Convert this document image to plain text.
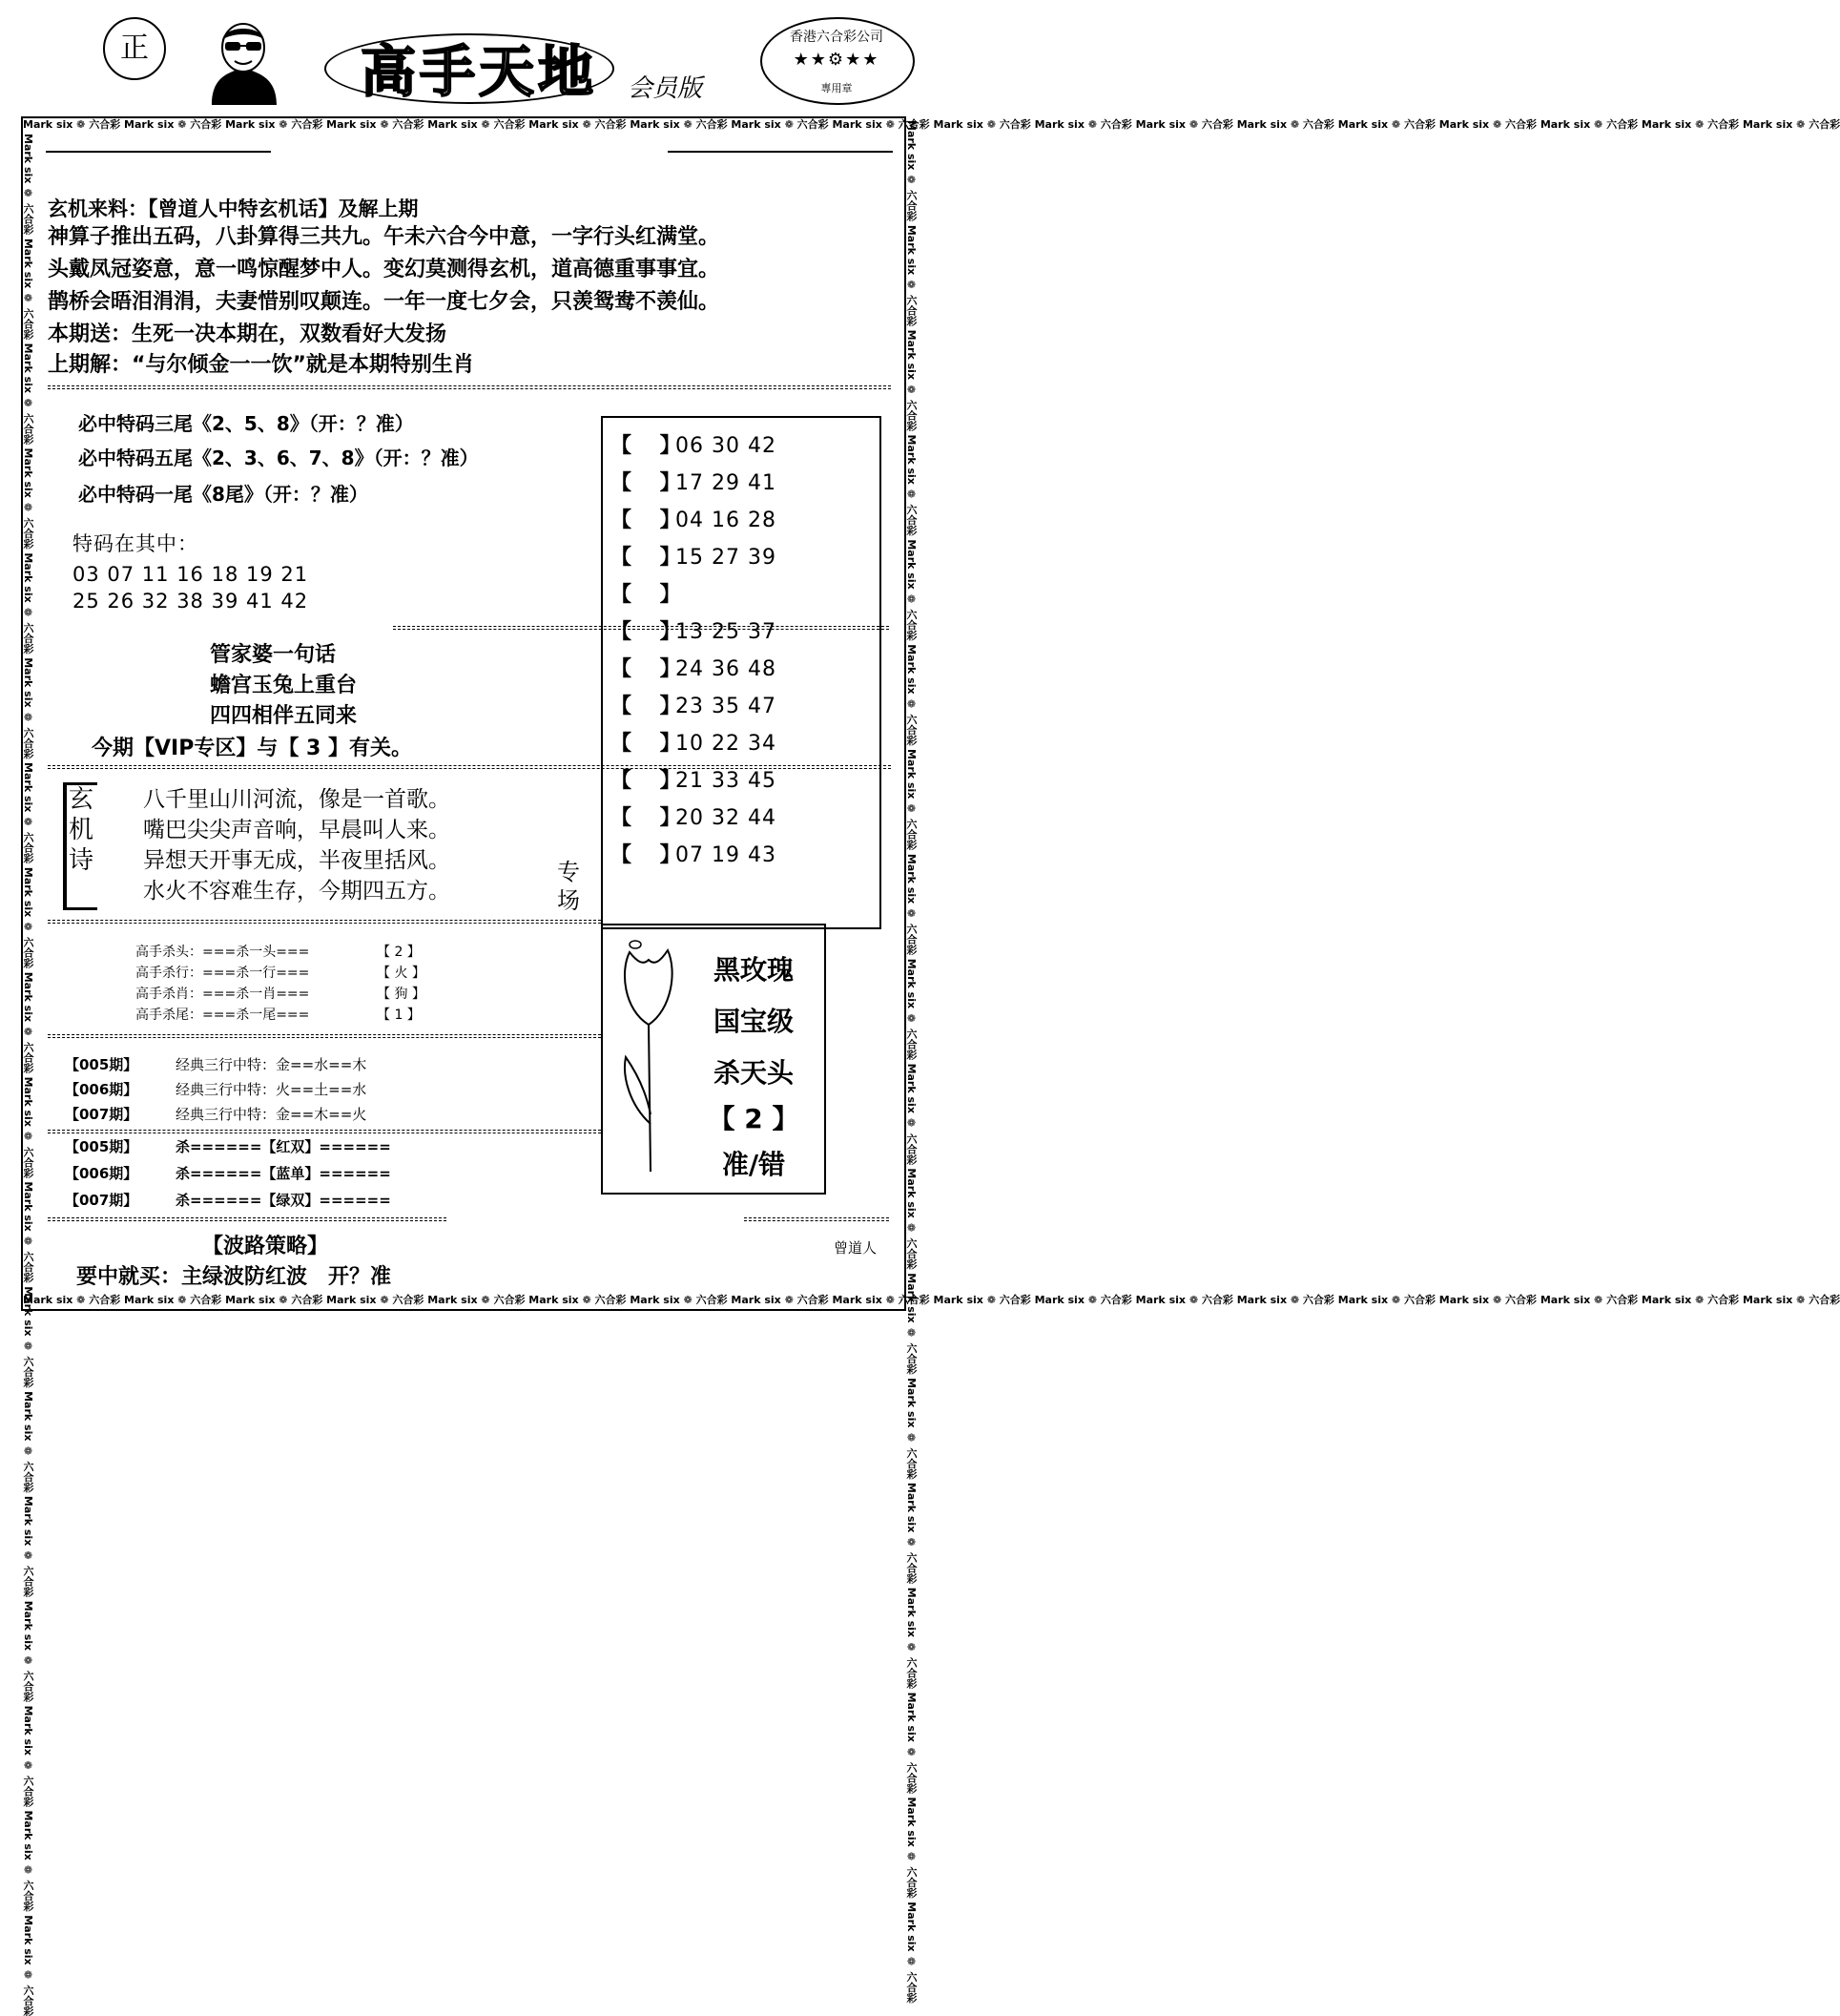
正	高手天地 会员版
香港六合彩公司
★★⚙★★
專用章
Mark six ❁ 六合彩 Mark six ❁ 六合彩 Mark six ❁ 六合彩 Mark six ❁ 六合彩 Mark six ❁ 六合彩 Mark six ❁ 六合彩 Mark six ❁ 六合彩 Mark six ❁ 六合彩 Mark six ❁ 六合彩 Mark six ❁ 六合彩 Mark six ❁ 六合彩 Mark six ❁ 六合彩 Mark six ❁ 六合彩 Mark six ❁ 六合彩 Mark six ❁ 六合彩 Mark six ❁ 六合彩 Mark six ❁ 六合彩 Mark six ❁ 六合彩
Mark six ❁ 六合彩 Mark six ❁ 六合彩 Mark six ❁ 六合彩 Mark six ❁ 六合彩 Mark six ❁ 六合彩 Mark six ❁ 六合彩 Mark six ❁ 六合彩 Mark six ❁ 六合彩 Mark six ❁ 六合彩 Mark six ❁ 六合彩 Mark six ❁ 六合彩 Mark six ❁ 六合彩 Mark six ❁ 六合彩 Mark six ❁ 六合彩 Mark six ❁ 六合彩 Mark six ❁ 六合彩 Mark six ❁ 六合彩 Mark six ❁ 六合彩
Mark six ❁ 六合彩 Mark six ❁ 六合彩 Mark six ❁ 六合彩 Mark six ❁ 六合彩 Mark six ❁ 六合彩 Mark six ❁ 六合彩 Mark six ❁ 六合彩 Mark six ❁ 六合彩 Mark six ❁ 六合彩 Mark six ❁ 六合彩 Mark six ❁ 六合彩 Mark six ❁ 六合彩 Mark six ❁ 六合彩 Mark six ❁ 六合彩 Mark six ❁ 六合彩 Mark six ❁ 六合彩 Mark six ❁ 六合彩 Mark six ❁ 六合彩	Mark six ❁ 六合彩 Mark six ❁ 六合彩 Mark six ❁ 六合彩 Mark six ❁ 六合彩 Mark six ❁ 六合彩 Mark six ❁ 六合彩 Mark six ❁ 六合彩 Mark six ❁ 六合彩 Mark six ❁ 六合彩 Mark six ❁ 六合彩 Mark six ❁ 六合彩 Mark six ❁ 六合彩 Mark six ❁ 六合彩 Mark six ❁ 六合彩 Mark six ❁ 六合彩 Mark six ❁ 六合彩 Mark six ❁ 六合彩 Mark six ❁ 六合彩
玄机来料：【曾道人中特玄机话】及解上期
神算子推出五码，八卦算得三共九。午未六合今中意，一字行头红满堂。
头戴凤冠姿意，意一鸣惊醒梦中人。变幻莫测得玄机，道高德重事事宜。
鹊桥会晤泪涓涓，夫妻惜别叹颠连。一年一度七夕会，只羡鸳鸯不羡仙。
本期送：生死一决本期在，双数看好大发扬
上期解：“与尔倾金一一饮”就是本期特别生肖
必中特码三尾《2、5、8》（开：？准）
必中特码五尾《2、3、6、7、8》（开：？准）
必中特码一尾《8尾》（开：？准）
特码在其中：
03 07 11 16 18 19 21
25 26 32 38 39 41 42
管家婆一句话
蟾宫玉兔上重台
四四相伴五同来
今期【VIP专区】与【 3 】有关。
【　 】06 30 42
【　 】17 29 41
【　 】04 16 28
【　 】15 27 39
【　 】
【　 】13 25 37
【　 】24 36 48
【　 】23 35 47
【　 】10 22 34
【　 】21 33 45
【　 】20 32 44
【　 】07 19 43
玄
机
诗
八千里山川河流，像是一首歌。
嘴巴尖尖声音响，早晨叫人来。
异想天开事无成，半夜里括风。
水火不容难生存，今期四五方。
专
场
高手杀头：===杀一头===	【 2 】
高手杀行：===杀一行===	【 火 】
高手杀肖：===杀一肖===	【 狗 】
高手杀尾：===杀一尾===	【 1 】
黑玫瑰
国宝级
杀天头
【 2 】
准/错
【005期】	经典三行中特：金==水==木
【006期】	经典三行中特：火==土==水
【007期】	经典三行中特：金==木==火
【005期】	杀======【红双】======
【006期】	杀======【蓝单】======
【007期】	杀======【绿双】======
【波路策略】
要中就买：主绿波防红波　开？准
曾道人
